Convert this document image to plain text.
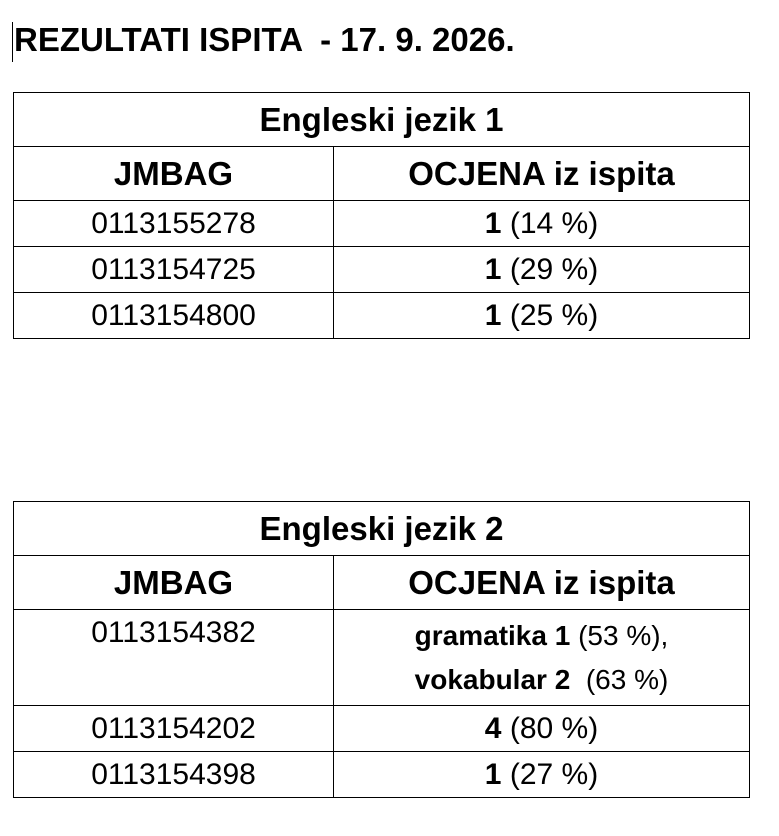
REZULTATI ISPITA  - 17. 9. 2026.
Engleski jezik 1	
JMBAG	OCJENA iz ispita
0113155278	1 (14 %)
0113154725	1 (29 %)
0113154800	1 (25 %)
Engleski jezik 2	
JMBAG	OCJENA iz ispita
0113154382	gramatika 1 (53 %),
vokabular 2 (63 %)

0113154202	4 (80 %)
0113154398	1 (27 %)
